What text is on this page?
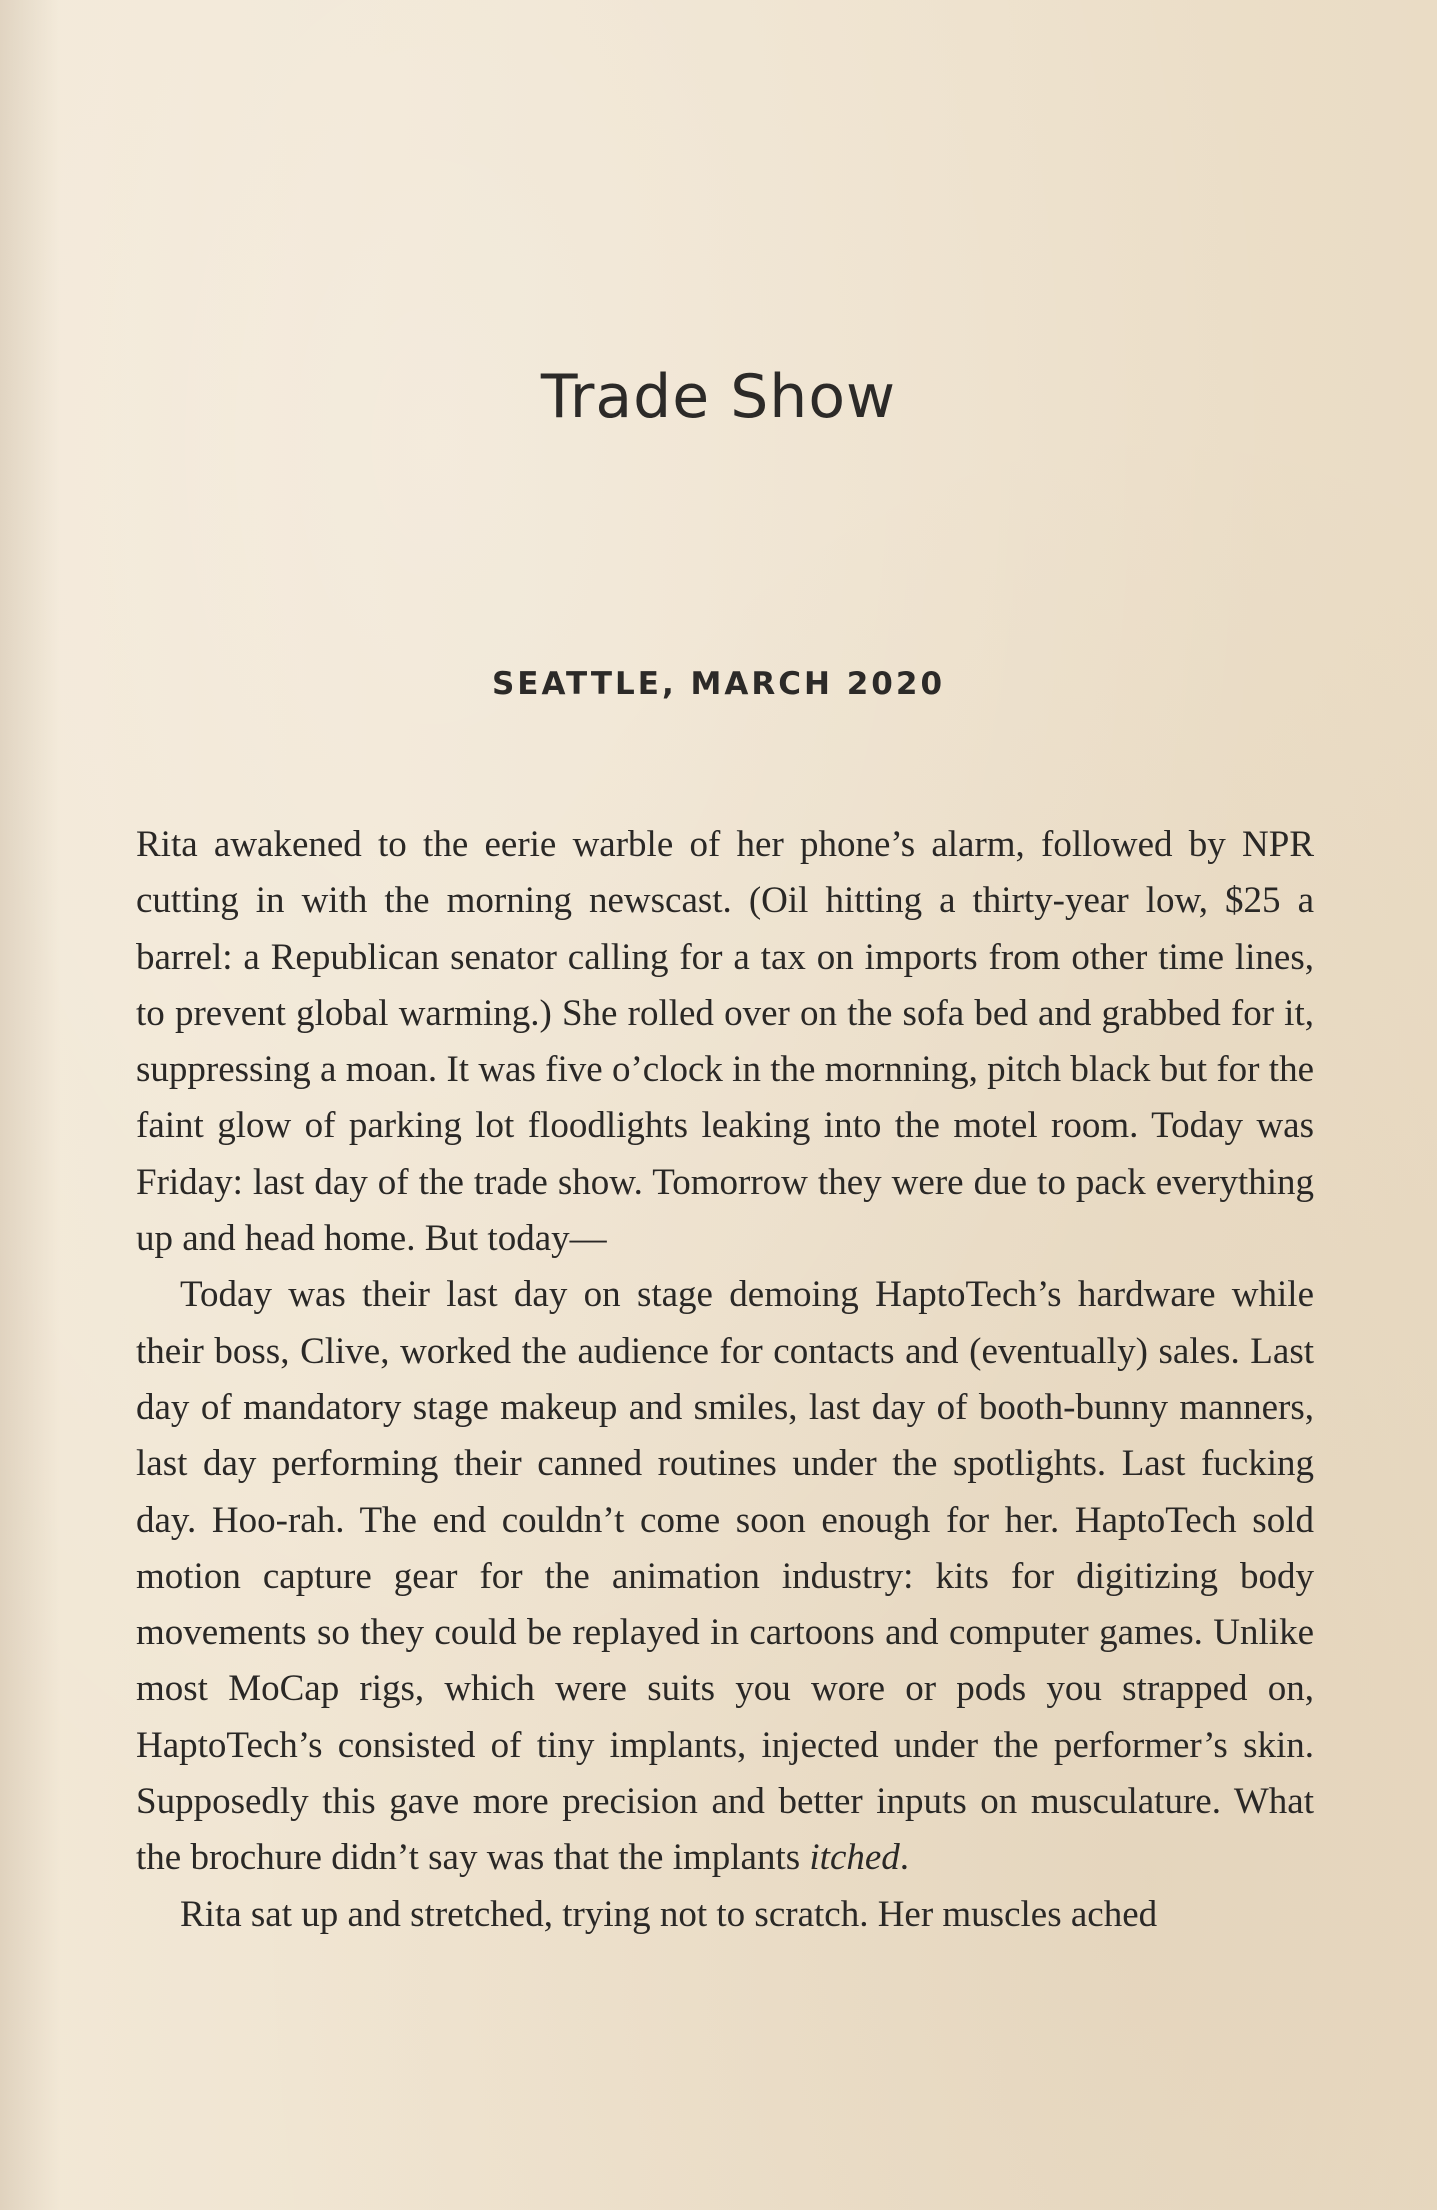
Trade Show
SEATTLE, MARCH 2020

Rita awakened to the eerie warble of her phone’s alarm, followed by NPR cutting in with the morning newscast. (Oil hitting a thirty-year low, $25 a barrel: a Republican senator calling for a tax on imports from other time lines, to prevent global warming.) She rolled over on the sofa bed and grabbed for it, suppressing a moan. It was five o’clock in the mornning, pitch black but for the faint glow of parking lot floodlights leaking into the motel room. Today was Friday: last day of the trade show. Tomorrow they were due to pack everything up and head home. But today—

Today was their last day on stage demoing HaptoTech’s hardware while their boss, Clive, worked the audience for contacts and (eventually) sales. Last day of mandatory stage makeup and smiles, last day of booth-bunny manners, last day performing their canned routines under the spotlights. Last fucking day. Hoo-rah. The end couldn’t come soon enough for her. HaptoTech sold motion capture gear for the animation industry: kits for digitizing body movements so they could be replayed in cartoons and computer games. Unlike most MoCap rigs, which were suits you wore or pods you strapped on, HaptoTech’s consisted of tiny implants, injected under the performer’s skin. Supposedly this gave more precision and better inputs on musculature. What the brochure didn’t say was that the implants itched.

Rita sat up and stretched, trying not to scratch. Her muscles ached
